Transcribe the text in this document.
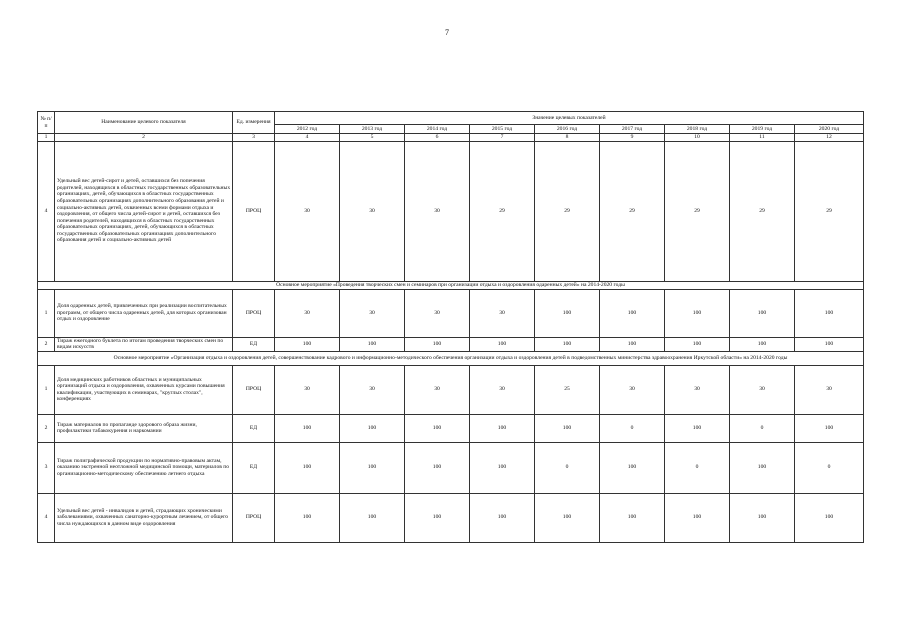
7
№ п/п	Наименование целевого показателя	Ед. измерения	Значение целевых показателей								
			2012 год	2013 год	2014 год	2015 год	2016 год	2017 год	2018 год	2019 год	2020 год
1	2	3	4	5	6	7	8	9	10	11	12
4	Удельный вес детей-сирот и детей, оставшихся без попечения родителей, находящихся в областных государственных образовательных организациях, детей, обучающихся в областных государственных образовательных организациях дополнительного образования детей и социально-активных детей, охваченных всеми формами отдыха и оздоровления, от общего числа детей-сирот и детей, оставшихся без попечения родителей, находящихся в областных государственных образовательных организациях, детей, обучающихся в областных государственных образовательных организациях дополнительного образования детей и социально-активных детей	ПРОЦ	30	30	30	29	29	29	29	29	29
Основное мероприятие «Проведения творческих смен и семинаров при организации отдыха и оздоровления одаренных детей» на 2014-2020 годы											
1	Доля одаренных детей, привлеченных при реализации воспитательных программ, от общего числа одаренных детей, для которых организован отдых и оздоровление	ПРОЦ	30	30	30	30	100	100	100	100	100
2	Тираж ежегодного буклета по итогам проведения творческих смен по видам искусств	ЕД	100	100	100	100	100	100	100	100	100
Основное мероприятие «Организация отдыха и оздоровления детей, совершенствование кадрового и информационно-методического обеспечения организации отдыха и оздоровления детей в подведомственных министерства здравоохранения Иркутской области» на 2014-2020 годы											
1	Доля медицинских работников областных и муниципальных организаций отдыха и оздоровления, охваченных курсами повышения квалификации, участвующих в семинарах, "круглых столах", конференциях	ПРОЦ	30	30	30	30	25	30	30	30	30
2	Тираж материалов по пропаганде здорового образа жизни, профилактики табакокурения и наркомании	ЕД	100	100	100	100	100	0	100	0	100
3	Тираж полиграфической продукции по нормативно-правовым актам, оказанию экстренной неотложной медицинской помощи, материалов по организационно-методическому обеспечению летнего отдыха	ЕД	100	100	100	100	0	100	0	100	0
4	Удельный вес детей - инвалидов и детей, страдающих хроническими заболеваниями, охваченных санаторно-курортным лечением, от общего числа нуждающихся в данном виде оздоровления	ПРОЦ	100	100	100	100	100	100	100	100	100
